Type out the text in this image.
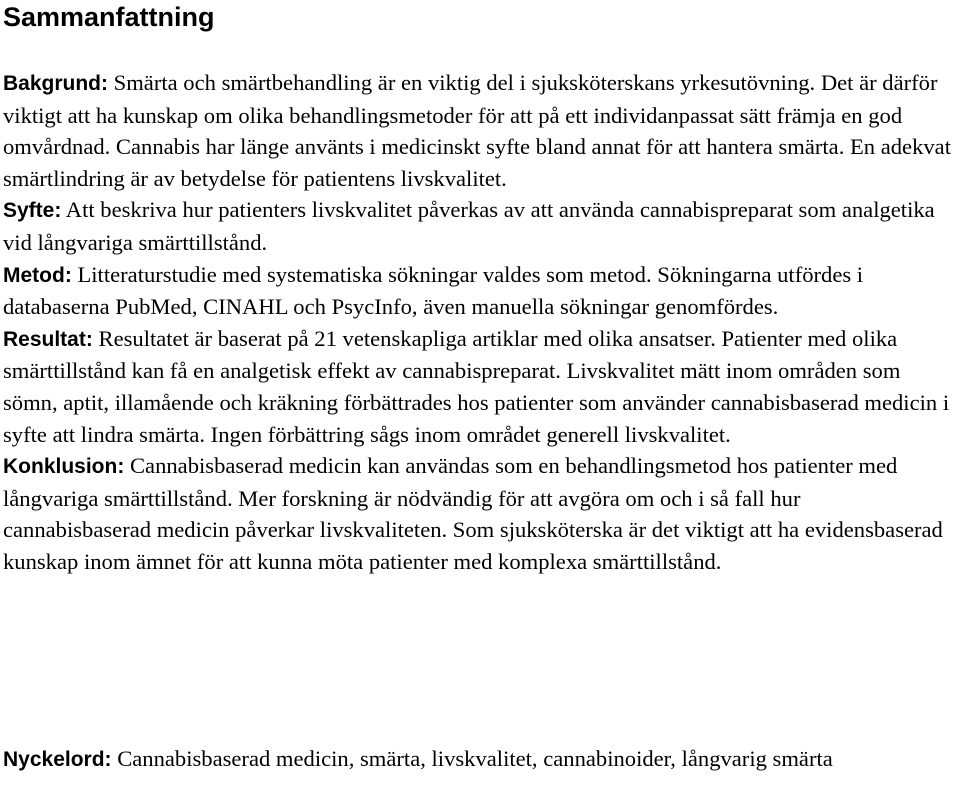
Sammanfattning

Bakgrund: Smärta och smärtbehandling är en viktig del i sjuksköterskans yrkesutövning. Det är därför viktigt att ha kunskap om olika behandlingsmetoder för att på ett individanpassat sätt främja en god omvårdnad. Cannabis har länge använts i medicinskt syfte bland annat för att hantera smärta. En adekvat smärtlindring är av betydelse för patientens livskvalitet.

Syfte: Att beskriva hur patienters livskvalitet påverkas av att använda cannabispreparat som analgetika vid långvariga smärttillstånd.

Metod: Litteraturstudie med systematiska sökningar valdes som metod. Sökningarna utfördes i databaserna PubMed, CINAHL och PsycInfo, även manuella sökningar genomfördes.

Resultat: Resultatet är baserat på 21 vetenskapliga artiklar med olika ansatser. Patienter med olika smärttillstånd kan få en analgetisk effekt av cannabispreparat. Livskvalitet mätt inom områden som sömn, aptit, illamående och kräkning förbättrades hos patienter som använder cannabisbaserad medicin i syfte att lindra smärta. Ingen förbättring sågs inom området generell livskvalitet.

Konklusion: Cannabisbaserad medicin kan användas som en behandlingsmetod hos patienter med långvariga smärttillstånd. Mer forskning är nödvändig för att avgöra om och i så fall hur cannabisbaserad medicin påverkar livskvaliteten. Som sjuksköterska är det viktigt att ha evidensbaserad kunskap inom ämnet för att kunna möta patienter med komplexa smärttillstånd.

Nyckelord: Cannabisbaserad medicin, smärta, livskvalitet, cannabinoider, långvarig smärta
